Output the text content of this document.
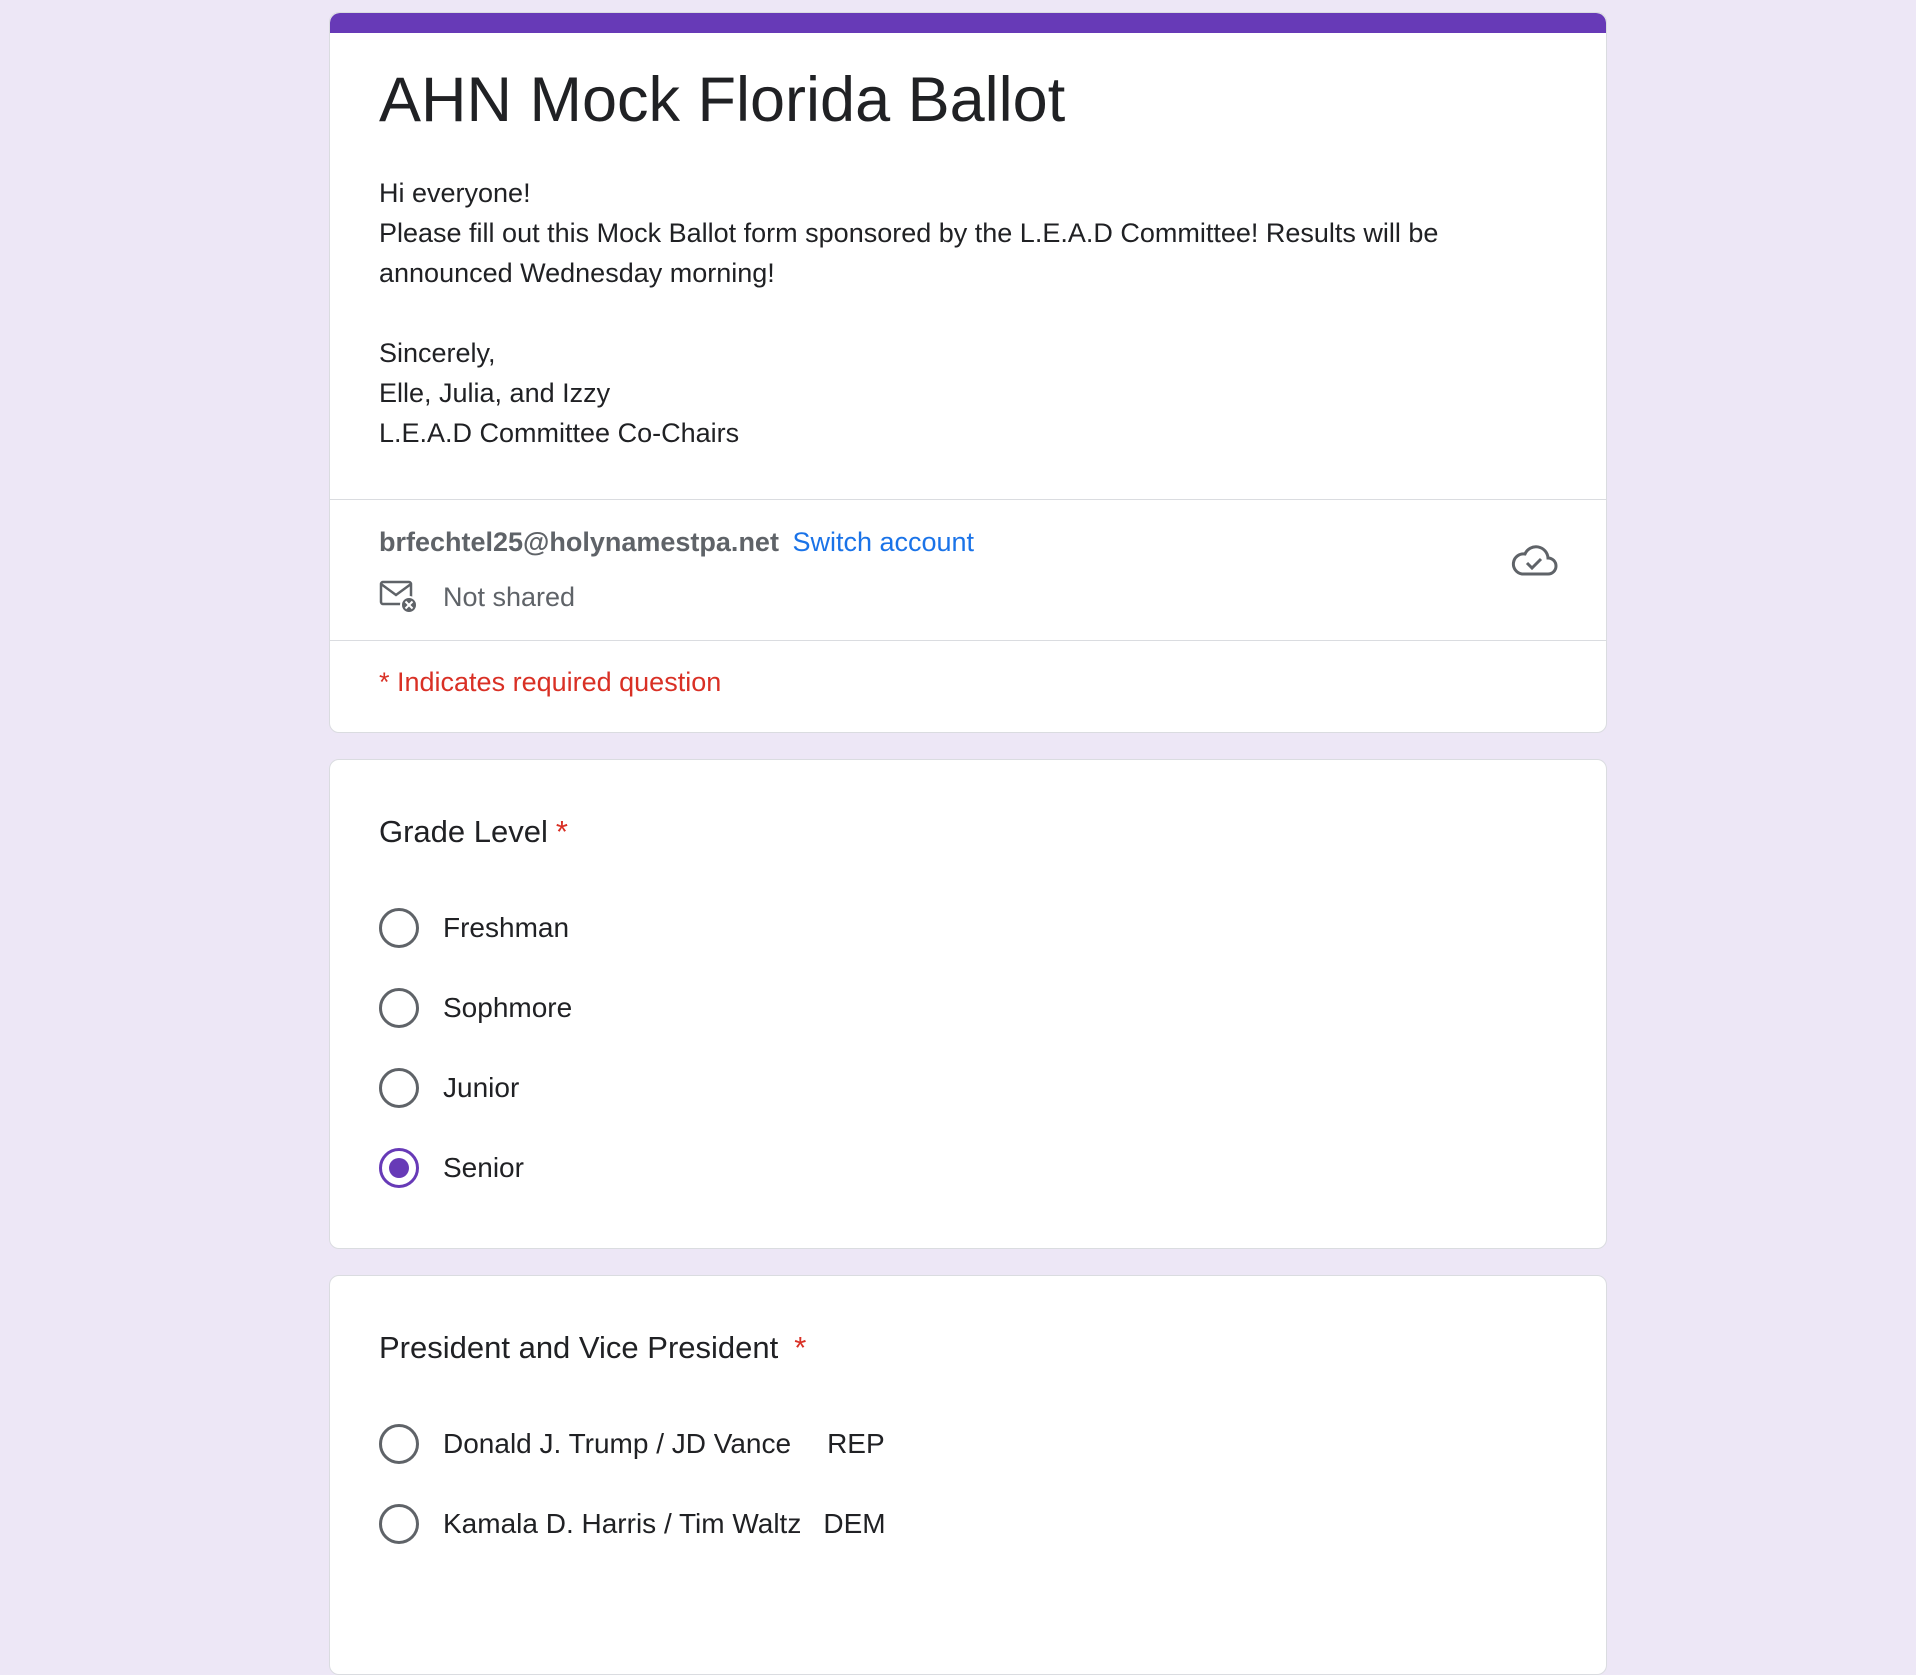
AHN Mock Florida Ballot

Hi everyone!
Please fill out this Mock Ballot form sponsored by the L.E.A.D Committee! Results will be announced Wednesday morning!

Sincerely,
Elle, Julia, and Izzy
L.E.A.D Committee Co-Chairs

brfechtel25@holynamestpa.net Switch account
Not shared
* Indicates required question
Grade Level *
Freshman
Sophmore
Junior
Senior
President and Vice President *
Donald J. Trump / JD Vance REP
Kamala D. Harris / Tim Waltz DEM
